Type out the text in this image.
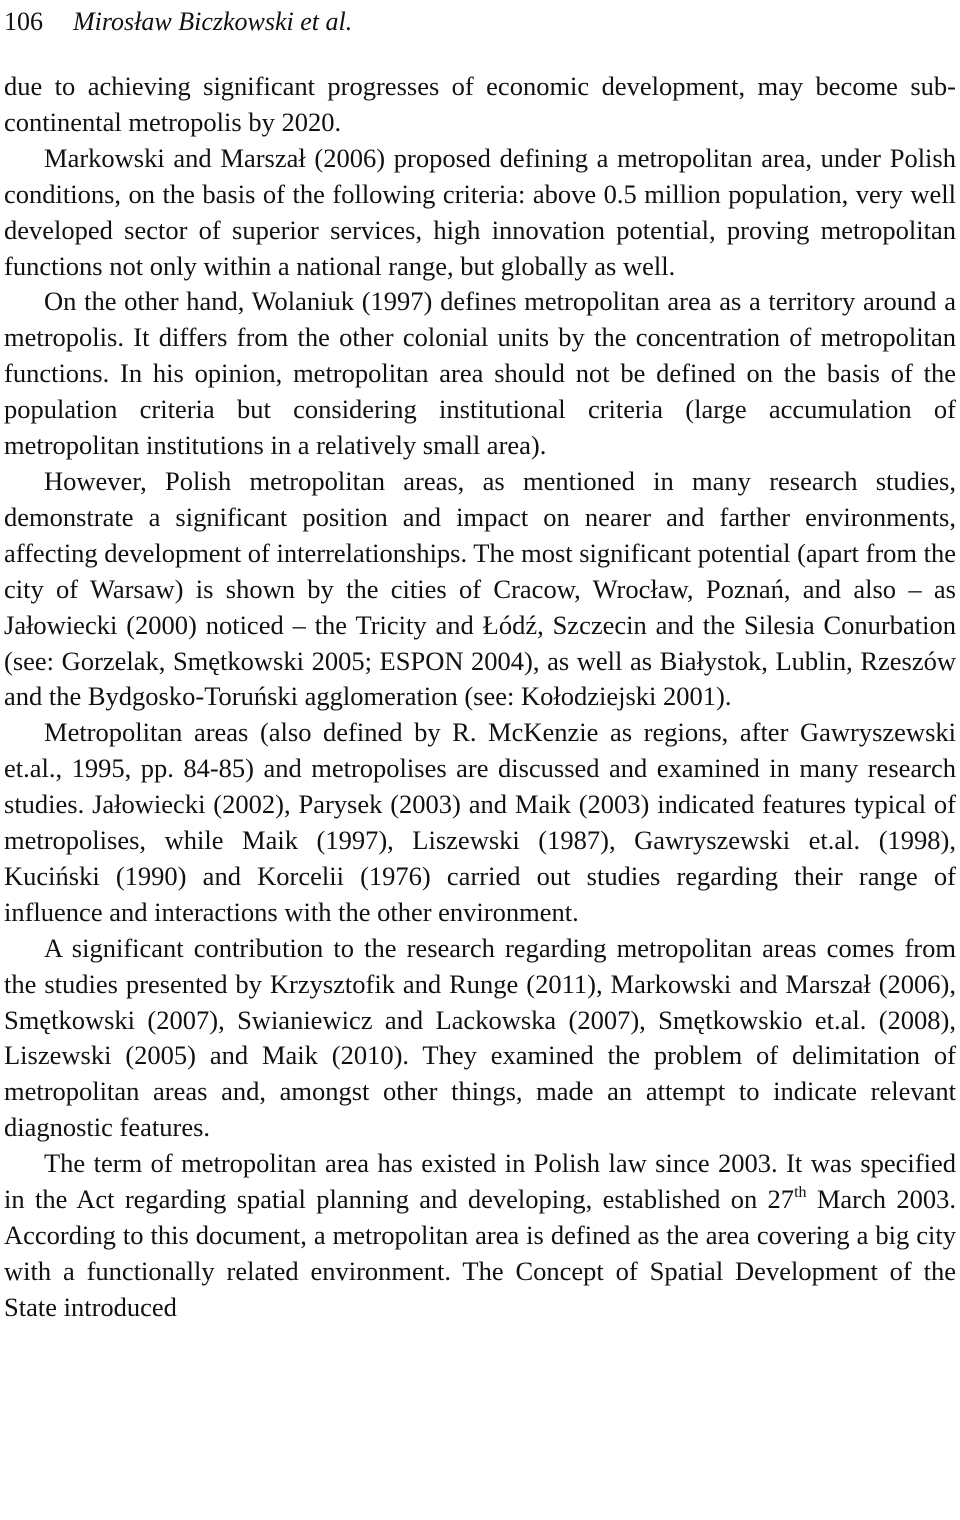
106 Mirosław Biczkowski et al.

due to achieving significant progresses of economic development, may become sub-continental metropolis by 2020.

Markowski and Marszał (2006) proposed defining a metropolitan area, under Polish conditions, on the basis of the following criteria: above 0.5 million population, very well developed sector of superior services, high innovation potential, proving metropolitan functions not only within a national range, but globally as well.

On the other hand, Wolaniuk (1997) defines metropolitan area as a territory around a metropolis. It differs from the other colonial units by the concentration of metropolitan functions. In his opinion, metropolitan area should not be defined on the basis of the population criteria but considering institutional criteria (large accumulation of metropolitan institutions in a relatively small area).

However, Polish metropolitan areas, as mentioned in many research studies, demonstrate a significant position and impact on nearer and farther environments, affecting development of interrelationships. The most significant potential (apart from the city of Warsaw) is shown by the cities of Cracow, Wrocław, Poznań, and also – as Jałowiecki (2000) noticed – the Tricity and Łódź, Szczecin and the Silesia Conurbation (see: Gorzelak, Smętkowski 2005; ESPON 2004), as well as Białystok, Lublin, Rzeszów and the Bydgosko-Toruński agglomeration (see: Kołodziejski 2001).

Metropolitan areas (also defined by R. McKenzie as regions, after Gawryszewski et.al., 1995, pp. 84-85) and metropolises are discussed and examined in many research studies. Jałowiecki (2002), Parysek (2003) and Maik (2003) indicated features typical of metropolises, while Maik (1997), Liszewski (1987), Gawryszewski et.al. (1998), Kuciński (1990) and Korcelii (1976) carried out studies regarding their range of influence and interactions with the other environment.

A significant contribution to the research regarding metropolitan areas comes from the studies presented by Krzysztofik and Runge (2011), Markowski and Marszał (2006), Smętkowski (2007), Swianiewicz and Lackowska (2007), Smętkowskio et.al. (2008), Liszewski (2005) and Maik (2010). They examined the problem of delimitation of metropolitan areas and, amongst other things, made an attempt to indicate relevant diagnostic features.

The term of metropolitan area has existed in Polish law since 2003. It was specified in the Act regarding spatial planning and developing, established on 27th March 2003. According to this document, a metropolitan area is defined as the area covering a big city with a functionally related environment. The Concept of Spatial Development of the State introduced
